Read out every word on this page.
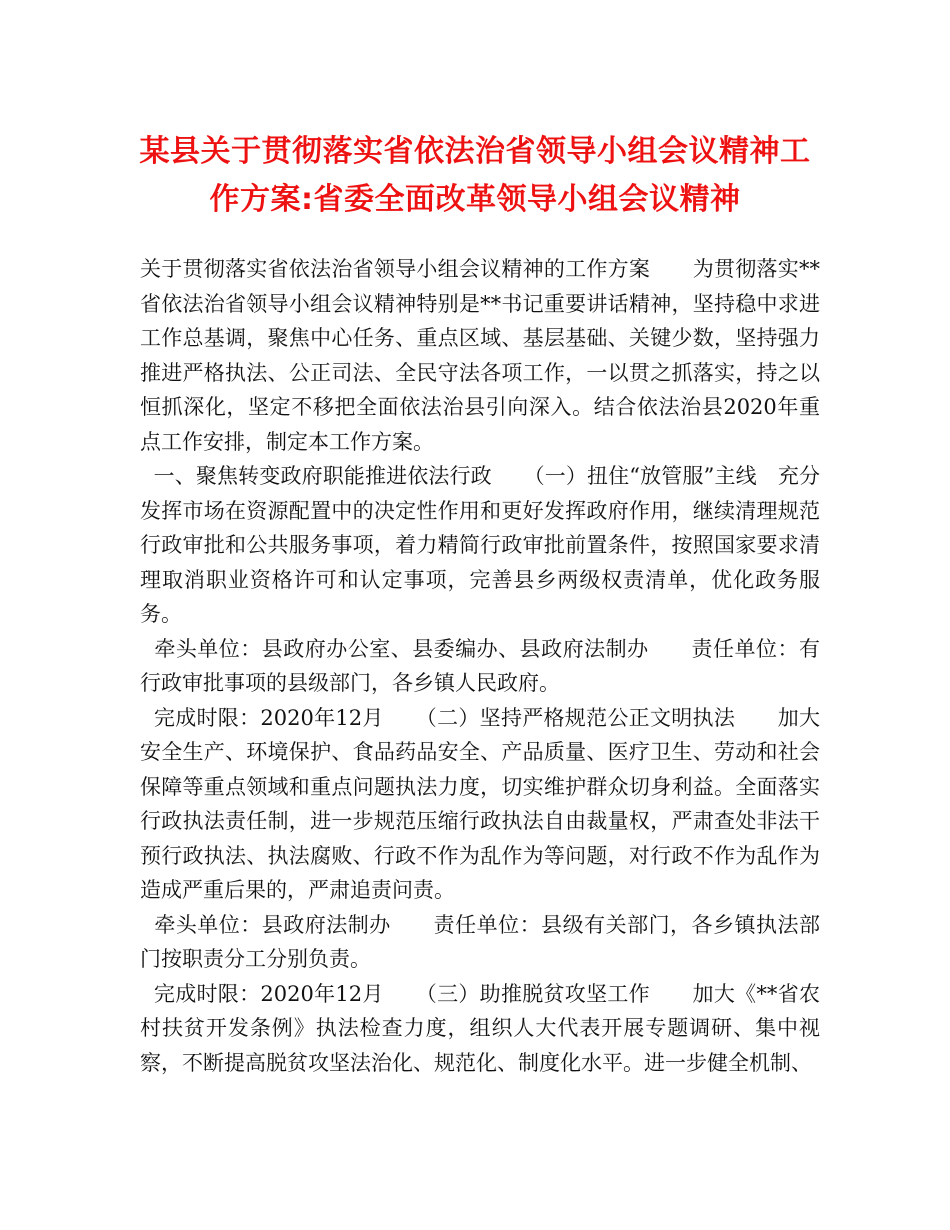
某县关于贯彻落实省依法治省领导小组会议精神工作方案:省委全面改革领导小组会议精神

关于贯彻落实省依法治省领导小组会议精神的工作方案　　为贯彻落实**省依法治省领导小组会议精神特别是**书记重要讲话精神，坚持稳中求进工作总基调，聚焦中心任务、重点区域、基层基础、关键少数，坚持强力推进严格执法、公正司法、全民守法各项工作，一以贯之抓落实，持之以恒抓深化，坚定不移把全面依法治县引向深入。结合依法治县2020年重点工作安排，制定本工作方案。

一、聚焦转变政府职能推进依法行政　　（一）扭住“放管服”主线　充分发挥市场在资源配置中的决定性作用和更好发挥政府作用，继续清理规范行政审批和公共服务事项，着力精简行政审批前置条件，按照国家要求清理取消职业资格许可和认定事项，完善县乡两级权责清单，优化政务服务。

牵头单位：县政府办公室、县委编办、县政府法制办　　责任单位：有行政审批事项的县级部门，各乡镇人民政府。

完成时限：2020年12月　　（二）坚持严格规范公正文明执法　　加大安全生产、环境保护、食品药品安全、产品质量、医疗卫生、劳动和社会保障等重点领域和重点问题执法力度，切实维护群众切身利益。全面落实行政执法责任制，进一步规范压缩行政执法自由裁量权，严肃查处非法干预行政执法、执法腐败、行政不作为乱作为等问题，对行政不作为乱作为造成严重后果的，严肃追责问责。

牵头单位：县政府法制办　　责任单位：县级有关部门，各乡镇执法部门按职责分工分别负责。

完成时限：2020年12月　　（三）助推脱贫攻坚工作　　加大《**省农村扶贫开发条例》执法检查力度，组织人大代表开展专题调研、集中视察，不断提高脱贫攻坚法治化、规范化、制度化水平。进一步健全机制、
